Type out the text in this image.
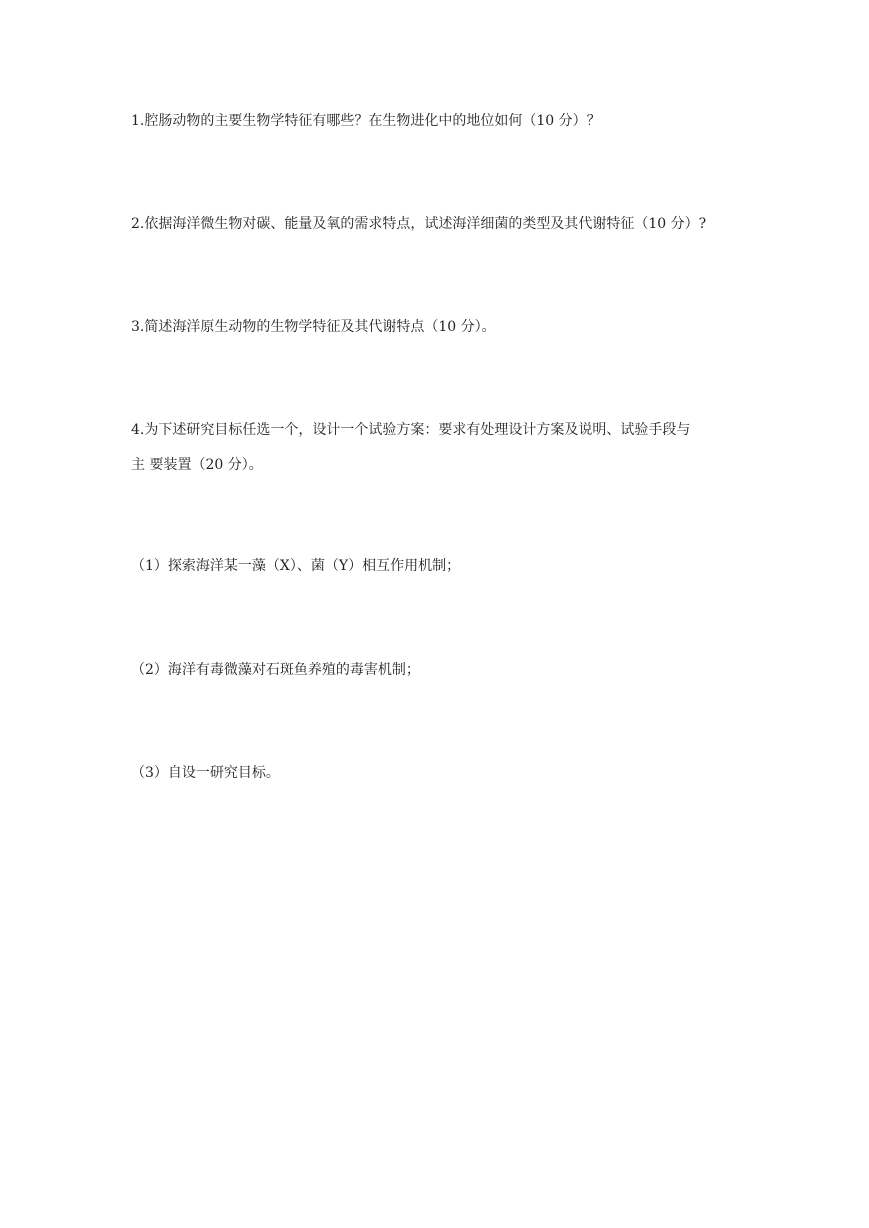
1.腔肠动物的主要生物学特征有哪些？在生物进化中的地位如何（10 分）？
2.依据海洋微生物对碳、能量及氧的需求特点，试述海洋细菌的类型及其代谢特征（10 分）?
3.简述海洋原生动物的生物学特征及其代谢特点（10 分）。
4.为下述研究目标任选一个，设计一个试验方案：要求有处理设计方案及说明、试验手段与
主 要装置（20 分）。
（1）探索海洋某一藻（X）、菌（Y）相互作用机制；
（2）海洋有毒微藻对石斑鱼养殖的毒害机制；
（3）自设一研究目标。
